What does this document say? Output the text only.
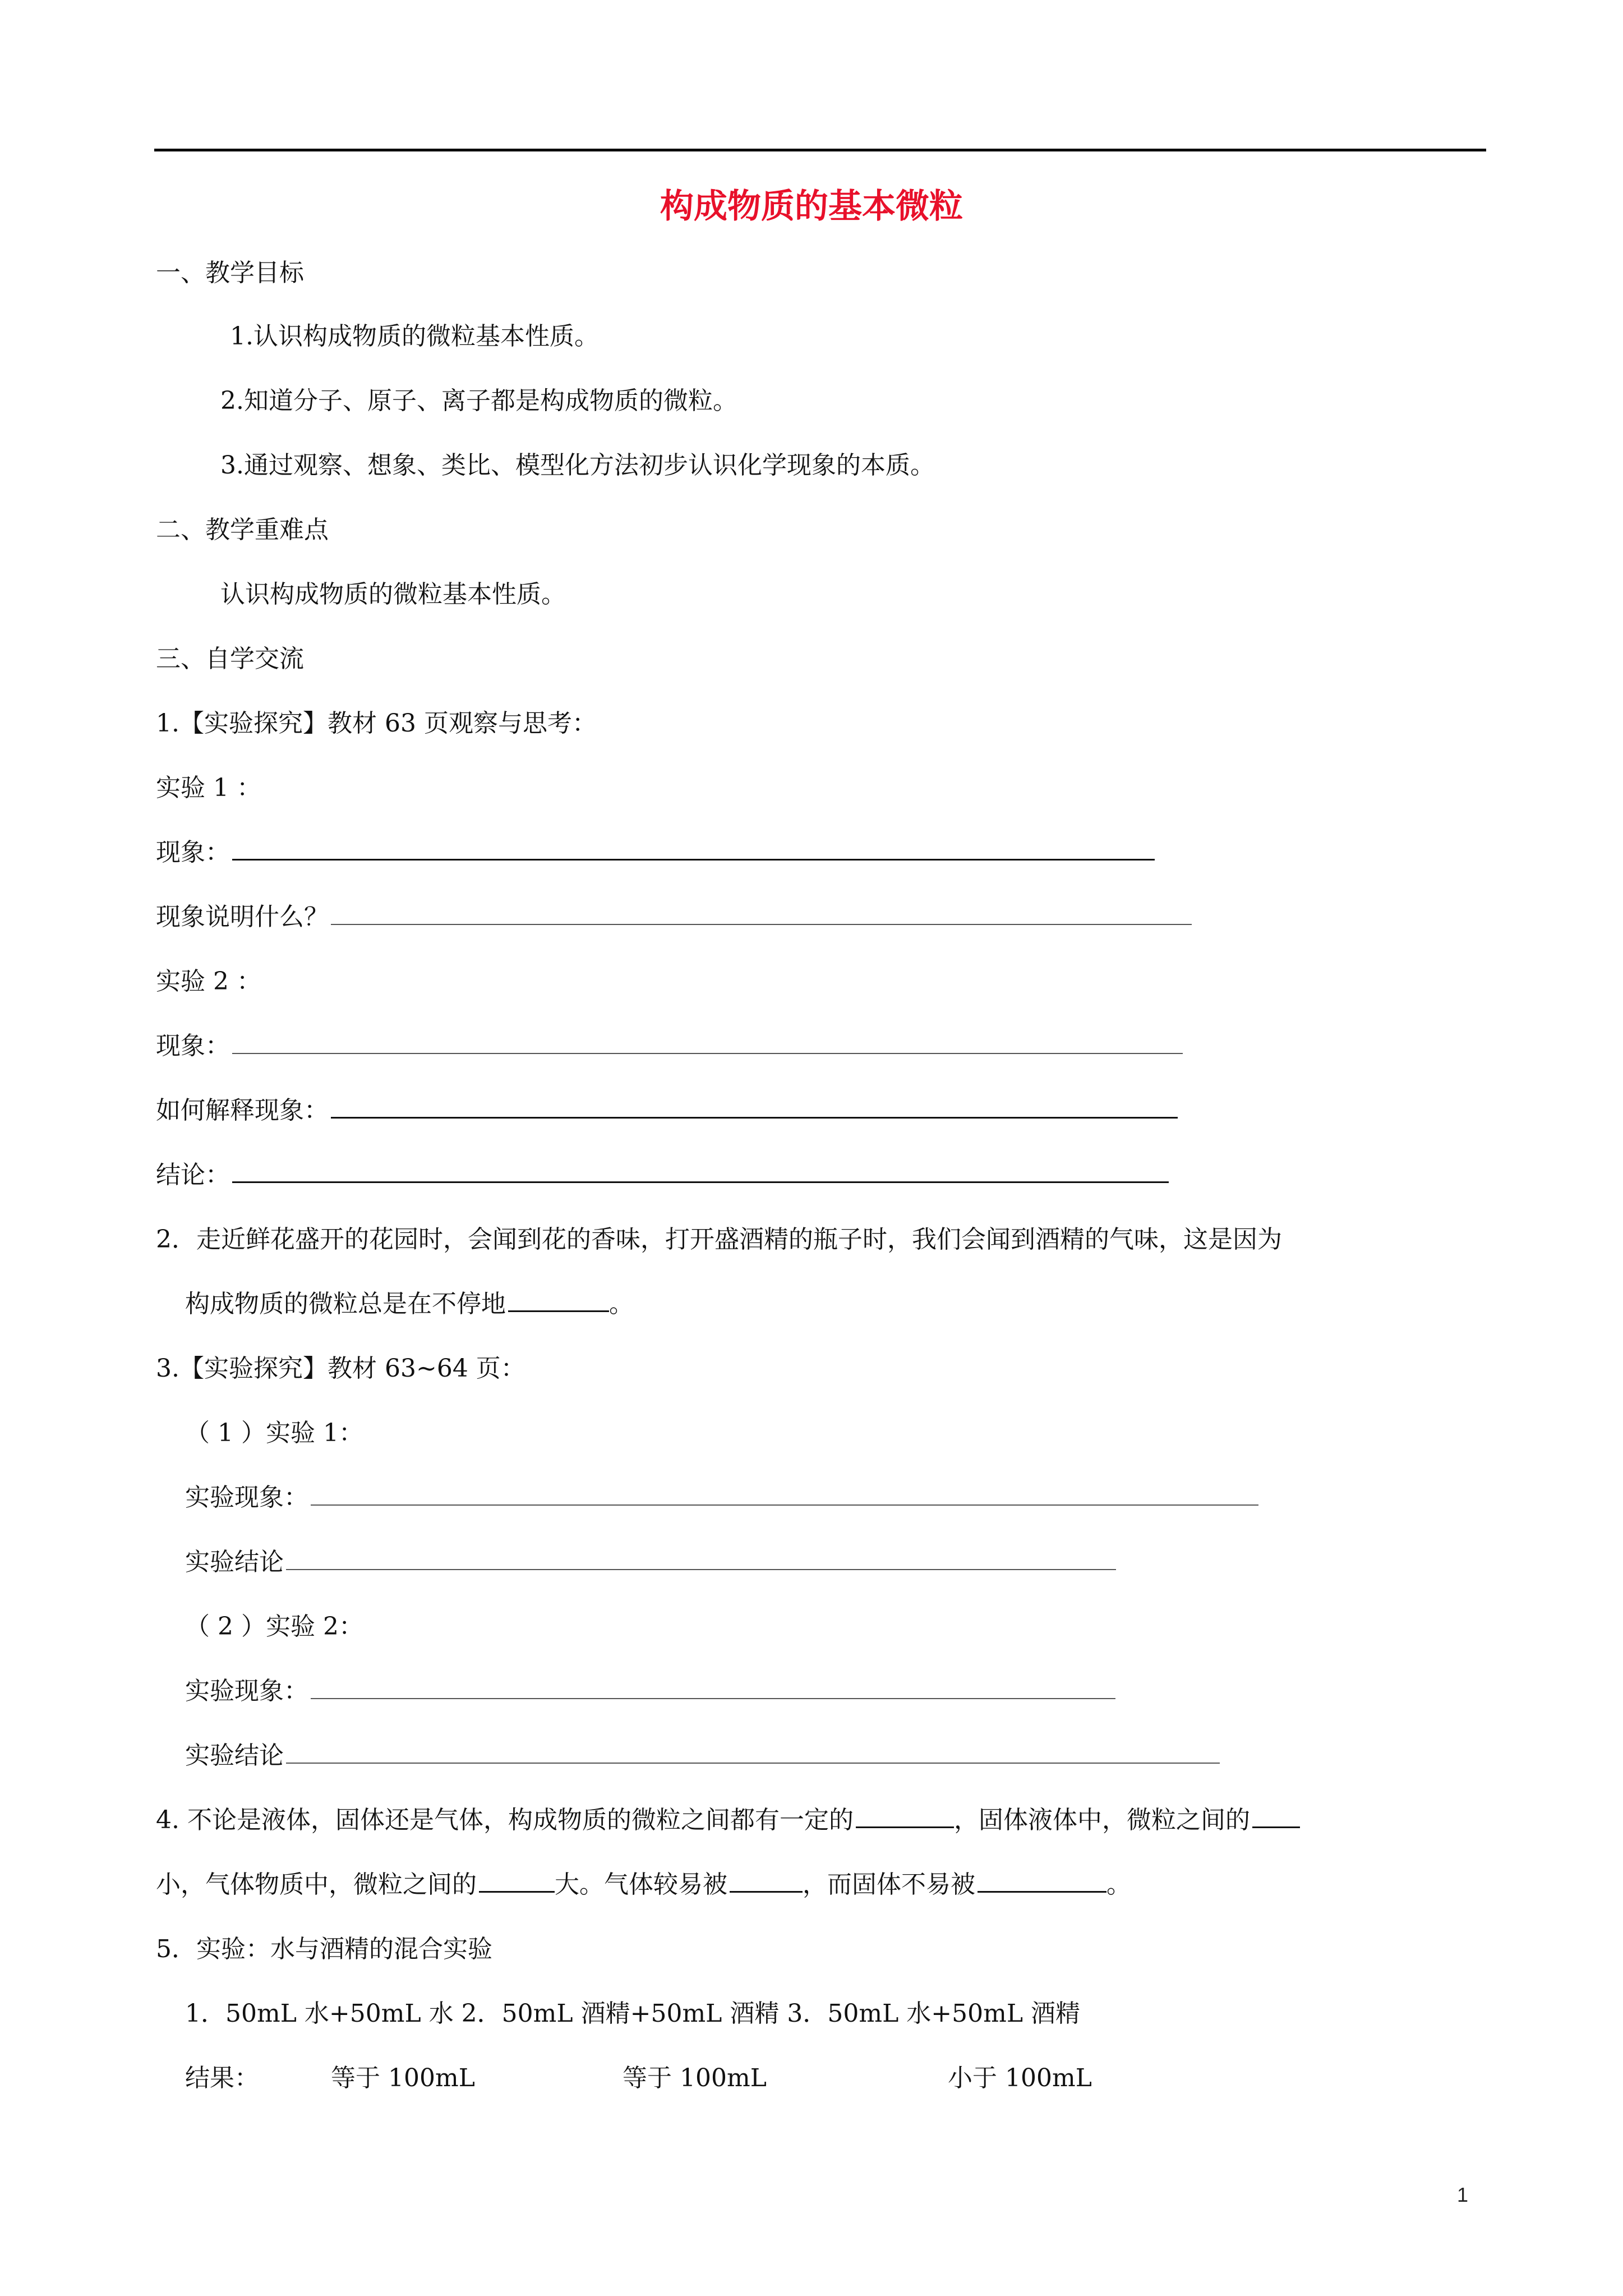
构成物质的基本微粒
一、教学目标
1.认识构成物质的微粒基本性质。
2.知道分子、原子、离子都是构成物质的微粒。
3.通过观察、想象、类比、模型化方法初步认识化学现象的本质。
二、教学重难点
认识构成物质的微粒基本性质。
三、自学交流
1.【实验探究】教材 63 页观察与思考：
实验 1 ：
现象：
现象说明什么？
实验 2 ：
现象：
如何解释现象：
结论：
2．走近鲜花盛开的花园时，会闻到花的香味，打开盛酒精的瓶子时，我们会闻到酒精的气味，这是因为
构成物质的微粒总是在不停地	。
3.【实验探究】教材 63~64 页：
（ 1 ）实验 1：
实验现象：
实验结论
（ 2 ）实验 2：
实验现象：
实验结论
4. 不论是液体，固体还是气体，构成物质的微粒之间都有一定的	，固体液体中，微粒之间的
小，气体物质中，微粒之间的	大。气体较易被	，而固体不易被	。
5．实验：水与酒精的混合实验
1．50mL 水+50mL 水 2．50mL 酒精+50mL 酒精 3．50mL 水+50mL 酒精
结果：	等于 100mL	等于 100mL	小于 100mL
1
